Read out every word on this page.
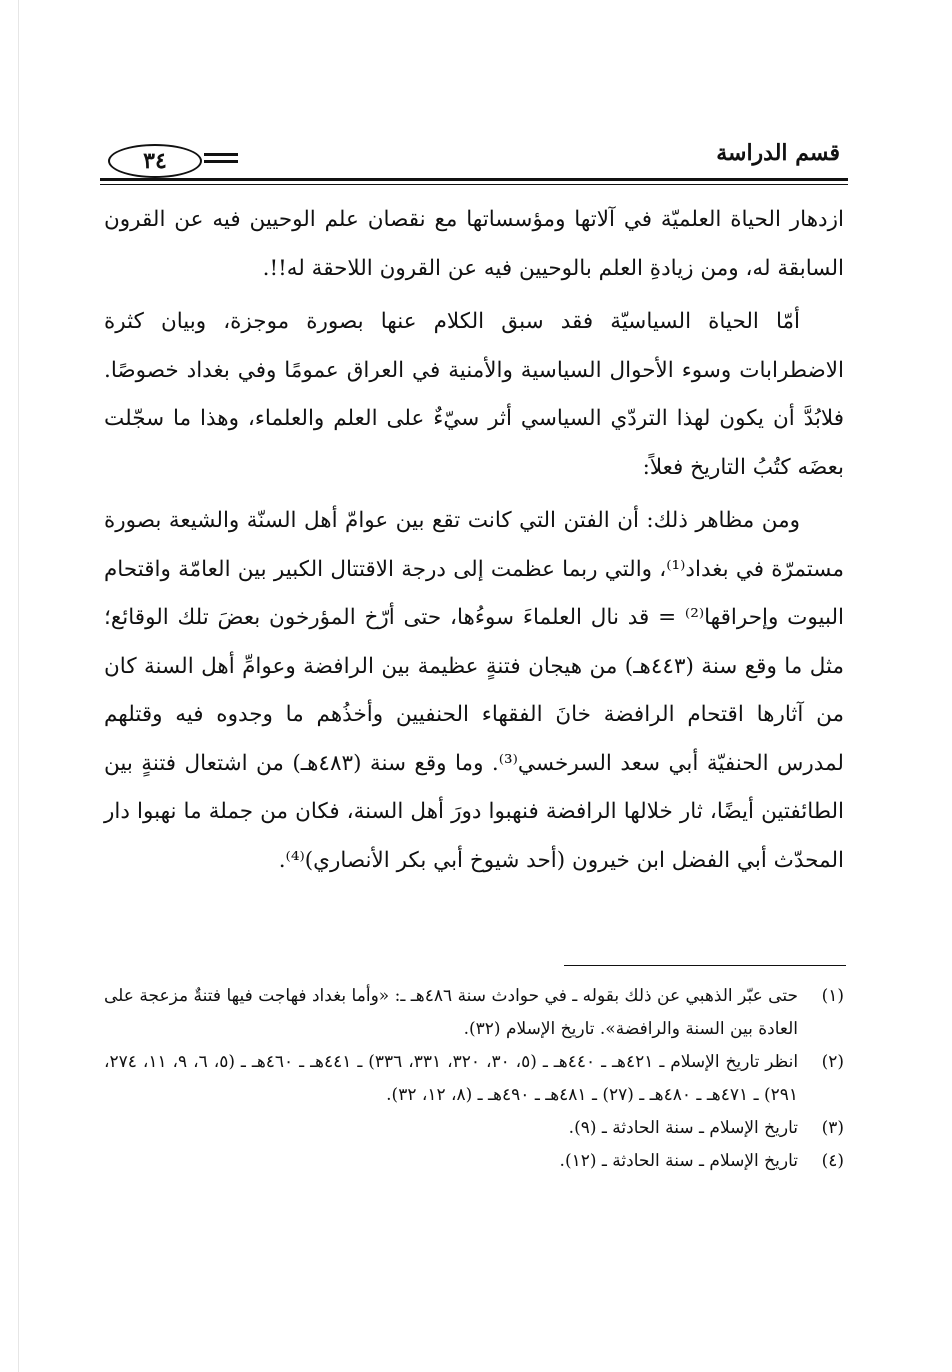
قسم الدراسة
٣٤

ازدهار الحياة العلميّة في آلاتها ومؤسساتها مع نقصان علم الوحيين فيه عن القرون السابقة له، ومن زيادةِ العلم بالوحيين فيه عن القرون اللاحقة له!!.

أمّا الحياة السياسيّة فقد سبق الكلام عنها بصورة موجزة، وبيان كثرة الاضطرابات وسوء الأحوال السياسية والأمنية في العراق عمومًا وفي بغداد خصوصًا. فلابُدَّ أن يكون لهذا التردّي السياسي أثر سيّءٌ على العلم والعلماء، وهذا ما سجّلت بعضَه كتُبُ التاريخ فعلاً:

ومن مظاهر ذلك: أن الفتن التي كانت تقع بين عوامّ أهل السنّة والشيعة بصورة مستمرّة في بغداد⁽¹⁾، والتي ربما عظمت إلى درجة الاقتتال الكبير بين العامّة واقتحام البيوت وإحراقها⁽²⁾ = قد نال العلماءَ سوءُها، حتى أرّخ المؤرخون بعضَ تلك الوقائع؛ مثل ما وقع سنة (٤٤٣هـ) من هيجان فتنةٍ عظيمة بين الرافضة وعوامِّ أهل السنة كان من آثارها اقتحام الرافضة خانَ الفقهاء الحنفيين وأخذُهم ما وجدوه فيه وقتلهم لمدرس الحنفيّة أبي سعد السرخسي⁽³⁾. وما وقع سنة (٤٨٣هـ) من اشتعال فتنةٍ بين الطائفتين أيضًا، ثار خلالها الرافضة فنهبوا دورَ أهل السنة، فكان من جملة ما نهبوا دار المحدّث أبي الفضل ابن خيرون (أحد شيوخ أبي بكر الأنصاري)⁽⁴⁾.

(١)
حتى عبّر الذهبي عن ذلك بقوله ـ في حوادث سنة ٤٨٦هـ ـ: «وأما بغداد فهاجت فيها فتنةٌ مزعجة على العادة بين السنة والرافضة». تاريخ الإسلام (٣٢).
(٢)
انظر تاريخ الإسلام ـ ٤٢١هـ ـ ٤٤٠هـ ـ (٥، ٣٠، ٣٢٠، ٣٣١، ٣٣٦) ـ ٤٤١هـ ـ ٤٦٠هـ ـ (٥، ٦، ٩، ١١، ٢٧٤، ٢٩١) ـ ٤٧١هـ ـ ٤٨٠هـ ـ (٢٧) ـ ٤٨١هـ ـ ٤٩٠هـ ـ (٨، ١٢، ٣٢).
(٣)
تاريخ الإسلام ـ سنة الحادثة ـ (٩).
(٤)
تاريخ الإسلام ـ سنة الحادثة ـ (١٢).
